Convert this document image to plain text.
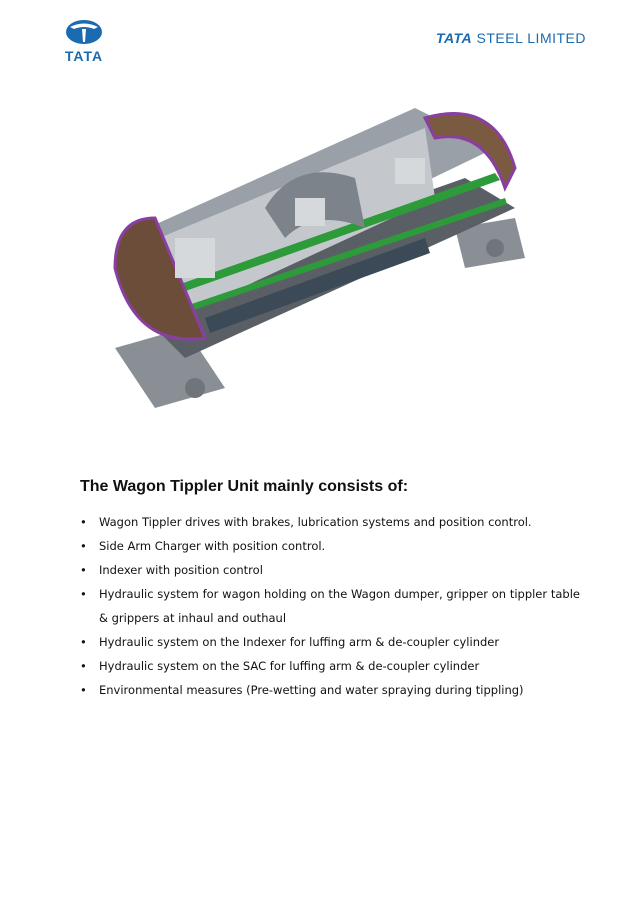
TATA
TATA STEEL LIMITED
The Wagon Tippler Unit mainly consists of:
• Wagon Tippler drives with brakes, lubrication systems and position control.
• Side Arm Charger with position control.
• Indexer with position control
• Hydraulic system for wagon holding on the Wagon dumper, gripper on tippler table & grippers at inhaul and outhaul
• Hydraulic system on the Indexer for luffing arm & de-coupler cylinder
• Hydraulic system on the SAC for luffing arm & de-coupler cylinder
• Environmental measures (Pre-wetting and water spraying during tippling)
